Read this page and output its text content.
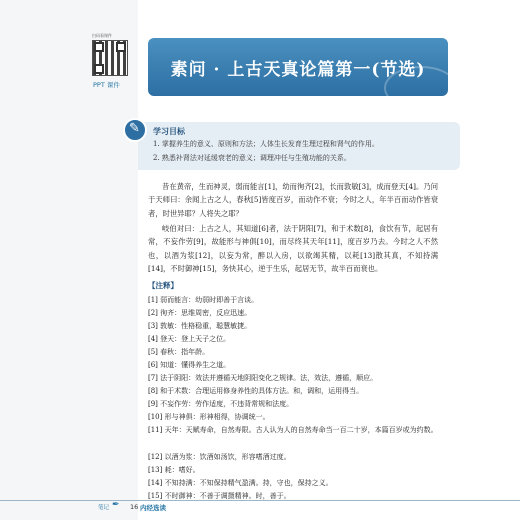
扫码看课件
PPT 课件
素问 · 上古天真论篇第一(节选)
✎
学习目标
1. 掌握养生的意义、原则和方法；人体生长发育生理过程和肾气的作用。
2. 熟悉补肾法对延缓衰老的意义；调理冲任与生殖功能的关系。

昔在黄帝，生而神灵，弱而能言[1]，幼而徇齐[2]，长而敦敏[3]，成而登天[4]。乃问于天师曰：余闻上古之人，春秋[5]皆度百岁，而动作不衰；今时之人，年半百而动作皆衰者，时世异耶？人将失之耶？

岐伯对曰：上古之人，其知道[6]者，法于阴阳[7]，和于术数[8]，食饮有节，起居有常，不妄作劳[9]，故能形与神俱[10]，而尽终其天年[11]，度百岁乃去。今时之人不然也，以酒为浆[12]，以妄为常，醉以入房，以欲竭其精，以耗[13]散其真，不知持满[14]，不时御神[15]，务快其心，逆于生乐，起居无节，故半百而衰也。

【注释】
[1] 弱而能言：幼弱时即善于言谈。
[2] 徇齐：思维周密，反应迅速。
[3] 敦敏：性格稳重，聪慧敏捷。
[4] 登天：登上天子之位。
[5] 春秋：指年龄。
[6] 知道：懂得养生之道。
[7] 法于阴阳：效法并遵循天地阴阳变化之规律。法，效法，遵循，顺应。
[8] 和于术数：合理运用修身养性的具体方法。和，调和，运用得当。
[9] 不妄作劳：劳作适度，不违背常规和法度。
[10] 形与神俱：形神相得，协调统一。
[11] 天年：天赋寿命，自然寿限。古人认为人的自然寿命当一百二十岁，本篇百岁或为约数。
[12] 以酒为浆：饮酒如汤饮，形容嗜酒过度。
[13] 耗：嗜好。
[14] 不知持满：不知保持精气盈满。持，守也，保持之义。
[15] 不时御神：不善于调摄精神。时，善于。
笔记 ✒ 16 内经选读
